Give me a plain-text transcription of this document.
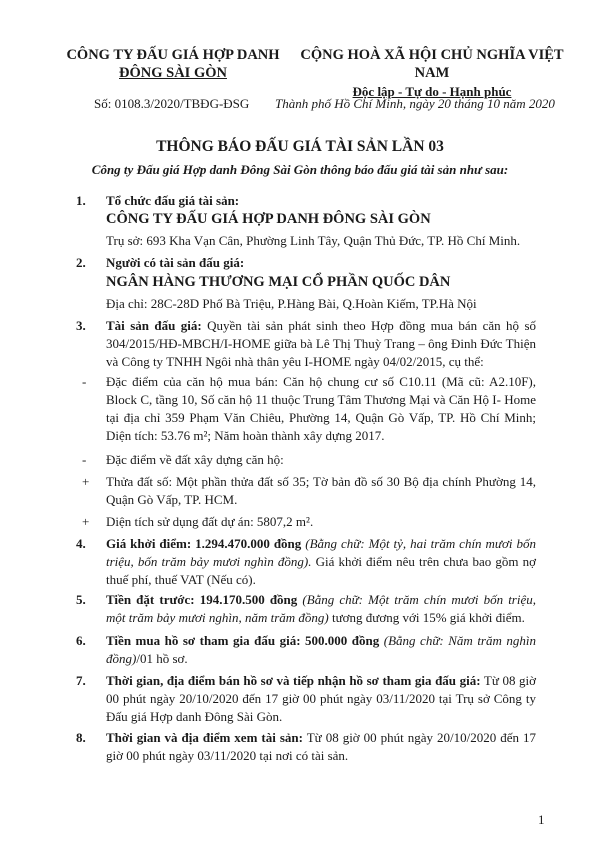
CÔNG TY ĐẤU GIÁ HỢP DANH
ĐÔNG SÀI GÒN
CỘNG HOÀ XÃ HỘI CHỦ NGHĨA VIỆT NAM
Độc lập - Tự do - Hạnh phúc
Số: 0108.3/2020/TBĐG-ĐSG Thành phố Hồ Chí Minh, ngày 20 tháng 10 năm 2020
THÔNG BÁO ĐẤU GIÁ TÀI SẢN LẦN 03
Công ty Đấu giá Hợp danh Đông Sài Gòn thông báo đấu giá tài sản như sau:
1. Tổ chức đấu giá tài sản:
CÔNG TY ĐẤU GIÁ HỢP DANH ĐÔNG SÀI GÒN
Trụ sở: 693 Kha Vạn Cân, Phường Linh Tây, Quận Thủ Đức, TP. Hồ Chí Minh.
2. Người có tài sản đấu giá:
NGÂN HÀNG THƯƠNG MẠI CỔ PHẦN QUỐC DÂN
Địa chỉ: 28C-28D Phố Bà Triệu, P.Hàng Bài, Q.Hoàn Kiếm, TP.Hà Nội
3. Tài sản đấu giá: Quyền tài sản phát sinh theo Hợp đồng mua bán căn hộ số 304/2015/HĐ-MBCH/I-HOME giữa bà Lê Thị Thuỳ Trang – ông Đinh Đức Thiện và Công ty TNHH Ngôi nhà thân yêu I-HOME ngày 04/02/2015, cụ thể:
- Đặc điểm của căn hộ mua bán: Căn hộ chung cư số C10.11 (Mã cũ: A2.10F), Block C, tầng 10, Số căn hộ 11 thuộc Trung Tâm Thương Mại và Căn Hộ I- Home tại địa chỉ 359 Phạm Văn Chiêu, Phường 14, Quận Gò Vấp, TP. Hồ Chí Minh; Diện tích: 53.76 m²; Năm hoàn thành xây dựng 2017.
- Đặc điểm về đất xây dựng căn hộ:
+ Thửa đất số: Một phần thửa đất số 35; Tờ bản đồ số 30 Bộ địa chính Phường 14, Quận Gò Vấp, TP. HCM.
+ Diện tích sử dụng đất dự án: 5807,2 m².
4. Giá khởi điểm: 1.294.470.000 đồng (Bằng chữ: Một tỷ, hai trăm chín mươi bốn triệu, bốn trăm bảy mươi nghìn đồng). Giá khởi điểm nêu trên chưa bao gồm nợ thuế phí, thuế VAT (Nếu có).
5. Tiền đặt trước: 194.170.500 đồng (Bằng chữ: Một trăm chín mươi bốn triệu, một trăm bảy mươi nghìn, năm trăm đồng) tương đương với 15% giá khởi điểm.
6. Tiền mua hồ sơ tham gia đấu giá: 500.000 đồng (Bằng chữ: Năm trăm nghìn đồng)/01 hồ sơ.
7. Thời gian, địa điểm bán hồ sơ và tiếp nhận hồ sơ tham gia đấu giá: Từ 08 giờ 00 phút ngày 20/10/2020 đến 17 giờ 00 phút ngày 03/11/2020 tại Trụ sở Công ty Đấu giá Hợp danh Đông Sài Gòn.
8. Thời gian và địa điểm xem tài sản: Từ 08 giờ 00 phút ngày 20/10/2020 đến 17 giờ 00 phút ngày 03/11/2020 tại nơi có tài sản.
1
